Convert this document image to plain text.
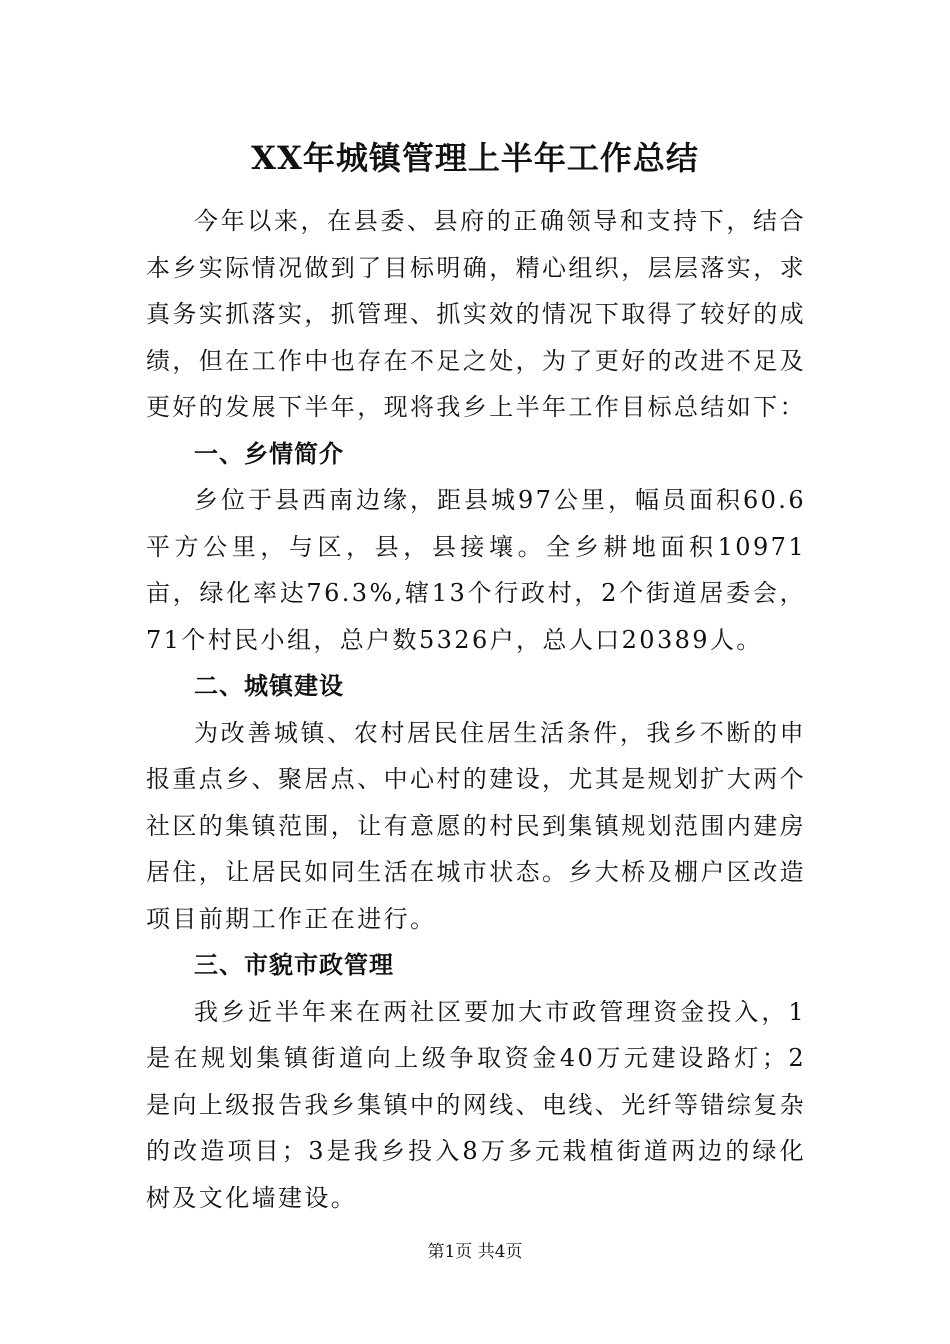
XX年城镇管理上半年工作总结

今年以来，在县委、县府的正确领导和支持下，结合本乡实际情况做到了目标明确，精心组织，层层落实，求真务实抓落实，抓管理、抓实效的情况下取得了较好的成绩，但在工作中也存在不足之处，为了更好的改进不足及更好的发展下半年，现将我乡上半年工作目标总结如下：

一、乡情简介

乡位于县西南边缘，距县城97公里，幅员面积60.6平方公里，与区，县，县接壤。全乡耕地面积10971亩，绿化率达76.3%,辖13个行政村，2个街道居委会，71个村民小组，总户数5326户，总人口20389人。

二、城镇建设

为改善城镇、农村居民住居生活条件，我乡不断的申报重点乡、聚居点、中心村的建设，尤其是规划扩大两个社区的集镇范围，让有意愿的村民到集镇规划范围内建房居住，让居民如同生活在城市状态。乡大桥及棚户区改造项目前期工作正在进行。

三、市貌市政管理

我乡近半年来在两社区要加大市政管理资金投入，1是在规划集镇街道向上级争取资金40万元建设路灯；2是向上级报告我乡集镇中的网线、电线、光纤等错综复杂的改造项目；3是我乡投入8万多元栽植街道两边的绿化树及文化墙建设。

第1页 共4页
